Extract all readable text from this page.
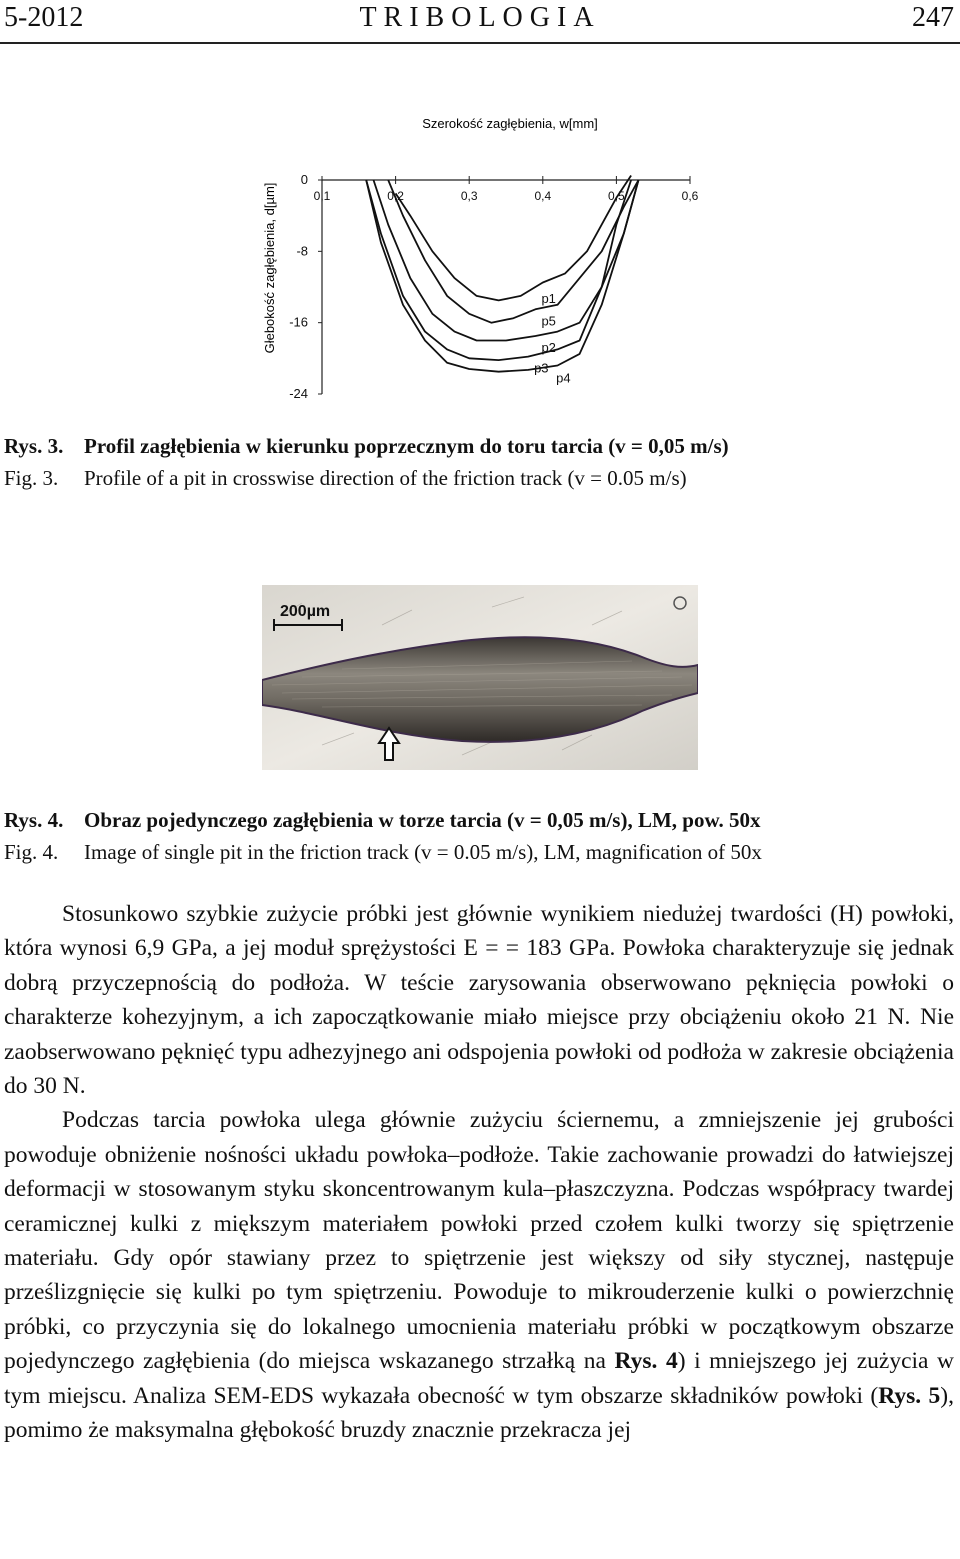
5-2012	TRIBOLOGIA	247
Szerokość zagłębienia, w[mm]
Głebokość zagłębienia, d[µm]	0,1	0,2	0,3	0,4	0,5	0,6
0
-8
-16
-24
p1
p5
p2
p3
p4
Rys. 3. Profil zagłębienia w kierunku poprzecznym do toru tarcia (v = 0,05 m/s)
Fig. 3. Profile of a pit in crosswise direction of the friction track (v = 0.05 m/s)
200µm
Rys. 4. Obraz pojedynczego zagłębienia w torze tarcia (v = 0,05 m/s), LM, pow. 50x
Fig. 4. Image of single pit in the friction track (v = 0.05 m/s), LM, magnification of 50x

Stosunkowo szybkie zużycie próbki jest głównie wynikiem niedużej twardości (H) powłoki, która wynosi 6,9 GPa, a jej moduł sprężystości E = = 183 GPa. Powłoka charakteryzuje się jednak dobrą przyczepnością do podłoża. W teście zarysowania obserwowano pęknięcia powłoki o charakterze kohezyjnym, a ich zapoczątkowanie miało miejsce przy obciążeniu około 21 N. Nie zaobserwowano pęknięć typu adhezyjnego ani odspojenia powłoki od podłoża w zakresie obciążenia do 30 N.

Podczas tarcia powłoka ulega głównie zużyciu ściernemu, a zmniejszenie jej grubości powoduje obniżenie nośności układu powłoka–podłoże. Takie zachowanie prowadzi do łatwiejszej deformacji w stosowanym styku skoncentrowanym kula–płaszczyzna. Podczas współpracy twardej ceramicznej kulki z miększym materiałem powłoki przed czołem kulki tworzy się spiętrzenie materiału. Gdy opór stawiany przez to spiętrzenie jest większy od siły stycznej, następuje prześlizgnięcie się kulki po tym spiętrzeniu. Powoduje to mikrouderzenie kulki o powierzchnię próbki, co przyczynia się do lokalnego umocnienia materiału próbki w początkowym obszarze pojedynczego zagłębienia (do miejsca wskazanego strzałką na Rys. 4) i mniejszego jej zużycia w tym miejscu. Analiza SEM-EDS wykazała obecność w tym obszarze składników powłoki (Rys. 5), pomimo że maksymalna głębokość bruzdy znacznie przekracza jej
